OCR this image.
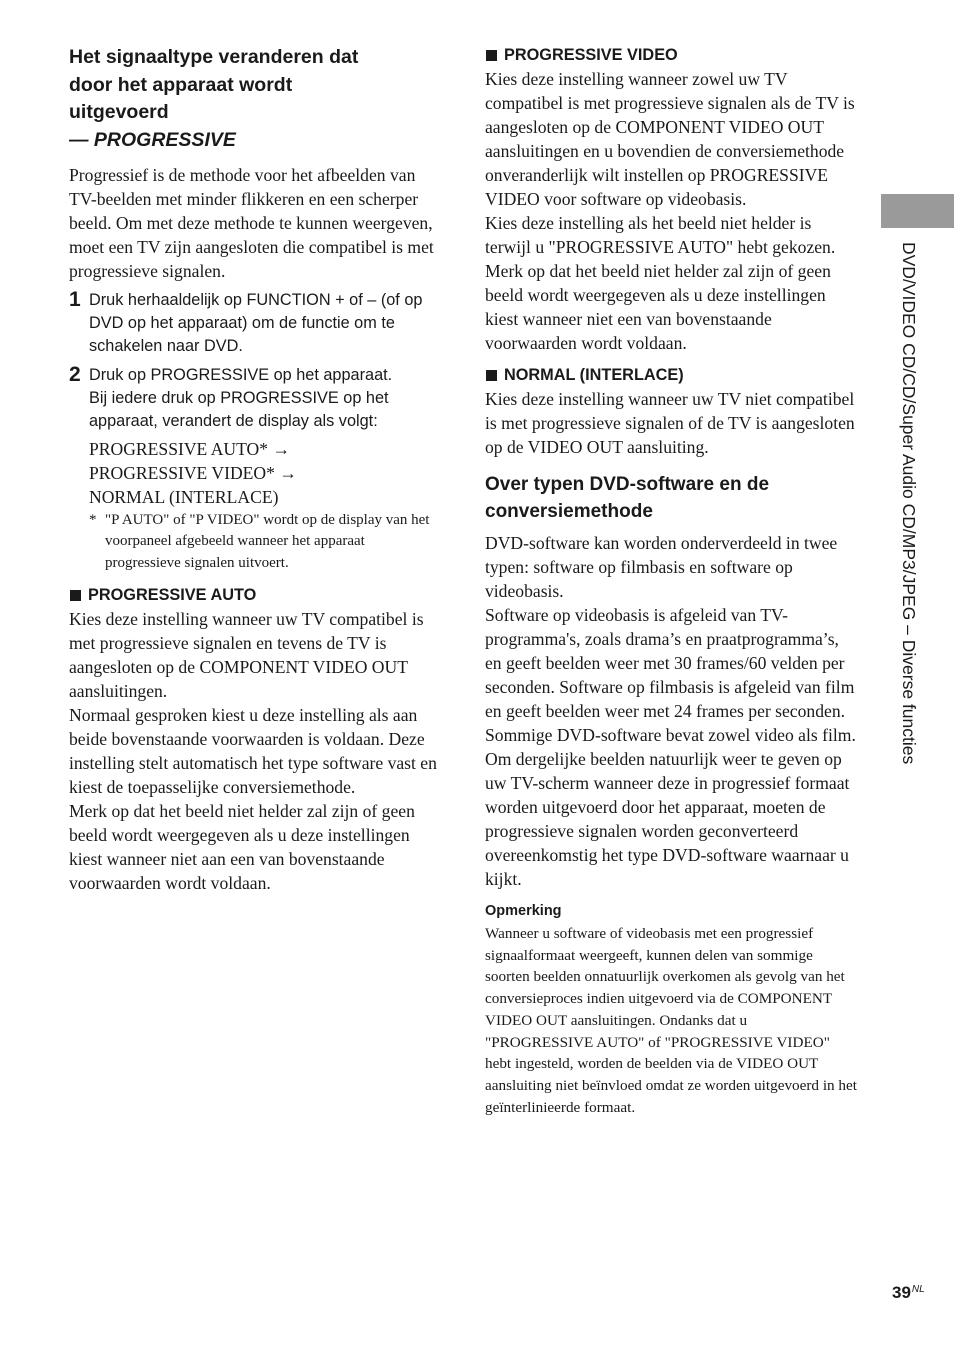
Het signaaltype veranderen dat

door het apparaat wordt

uitgevoerd

— PROGRESSIVE

Progressief is de methode voor het afbeelden van TV-beelden met minder flikkeren en een scherper beeld. Om met deze methode te kunnen weergeven, moet een TV zijn aangesloten die compatibel is met progressieve signalen.

1 Druk herhaaldelijk op FUNCTION + of – (of op DVD op het apparaat) om de functie om te schakelen naar DVD.
2 Druk op PROGRESSIVE op het apparaat.
Bij iedere druk op PROGRESSIVE op het apparaat, verandert de display als volgt:
PROGRESSIVE AUTO* →
PROGRESSIVE VIDEO* →
NORMAL (INTERLACE)
* "P AUTO" of "P VIDEO" wordt op de display van het voorpaneel afgebeeld wanneer het apparaat progressieve signalen uitvoert.
PROGRESSIVE AUTO

Kies deze instelling wanneer uw TV compatibel is met progressieve signalen en tevens de TV is aangesloten op de COMPONENT VIDEO OUT aansluitingen.

Normaal gesproken kiest u deze instelling als aan beide bovenstaande voorwaarden is voldaan. Deze instelling stelt automatisch het type software vast en kiest de toepasselijke conversiemethode.

Merk op dat het beeld niet helder zal zijn of geen beeld wordt weergegeven als u deze instellingen kiest wanneer niet aan een van bovenstaande voorwaarden wordt voldaan.

PROGRESSIVE VIDEO

Kies deze instelling wanneer zowel uw TV compatibel is met progressieve signalen als de TV is aangesloten op de COMPONENT VIDEO OUT aansluitingen en u bovendien de conversiemethode onveranderlijk wilt instellen op PROGRESSIVE VIDEO voor software op videobasis.

Kies deze instelling als het beeld niet helder is terwijl u "PROGRESSIVE AUTO" hebt gekozen.

Merk op dat het beeld niet helder zal zijn of geen beeld wordt weergegeven als u deze instellingen kiest wanneer niet een van bovenstaande voorwaarden wordt voldaan.

NORMAL (INTERLACE)

Kies deze instelling wanneer uw TV niet compatibel is met progressieve signalen of de TV is aangesloten op de VIDEO OUT aansluiting.

Over typen DVD-software en de conversiemethode

DVD-software kan worden onderverdeeld in twee typen: software op filmbasis en software op videobasis.

Software op videobasis is afgeleid van TV-programma's, zoals drama’s en praatprogramma’s, en geeft beelden weer met 30 frames/60 velden per seconden. Software op filmbasis is afgeleid van film en geeft beelden weer met 24 frames per seconden. Sommige DVD-software bevat zowel video als film.

Om dergelijke beelden natuurlijk weer te geven op uw TV-scherm wanneer deze in progressief formaat worden uitgevoerd door het apparaat, moeten de progressieve signalen worden geconverteerd overeenkomstig het type DVD-software waarnaar u kijkt.

Opmerking

Wanneer u software of videobasis met een progressief signaalformaat weergeeft, kunnen delen van sommige soorten beelden onnatuurlijk overkomen als gevolg van het conversieproces indien uitgevoerd via de COMPONENT VIDEO OUT aansluitingen. Ondanks dat u "PROGRESSIVE AUTO" of "PROGRESSIVE VIDEO" hebt ingesteld, worden de beelden via de VIDEO OUT aansluiting niet beïnvloed omdat ze worden uitgevoerd in het geïnterlinieerde formaat.

DVD/VIDEO CD/CD/Super Audio CD/MP3/JPEG – Diverse functies
$39^{NL}$
